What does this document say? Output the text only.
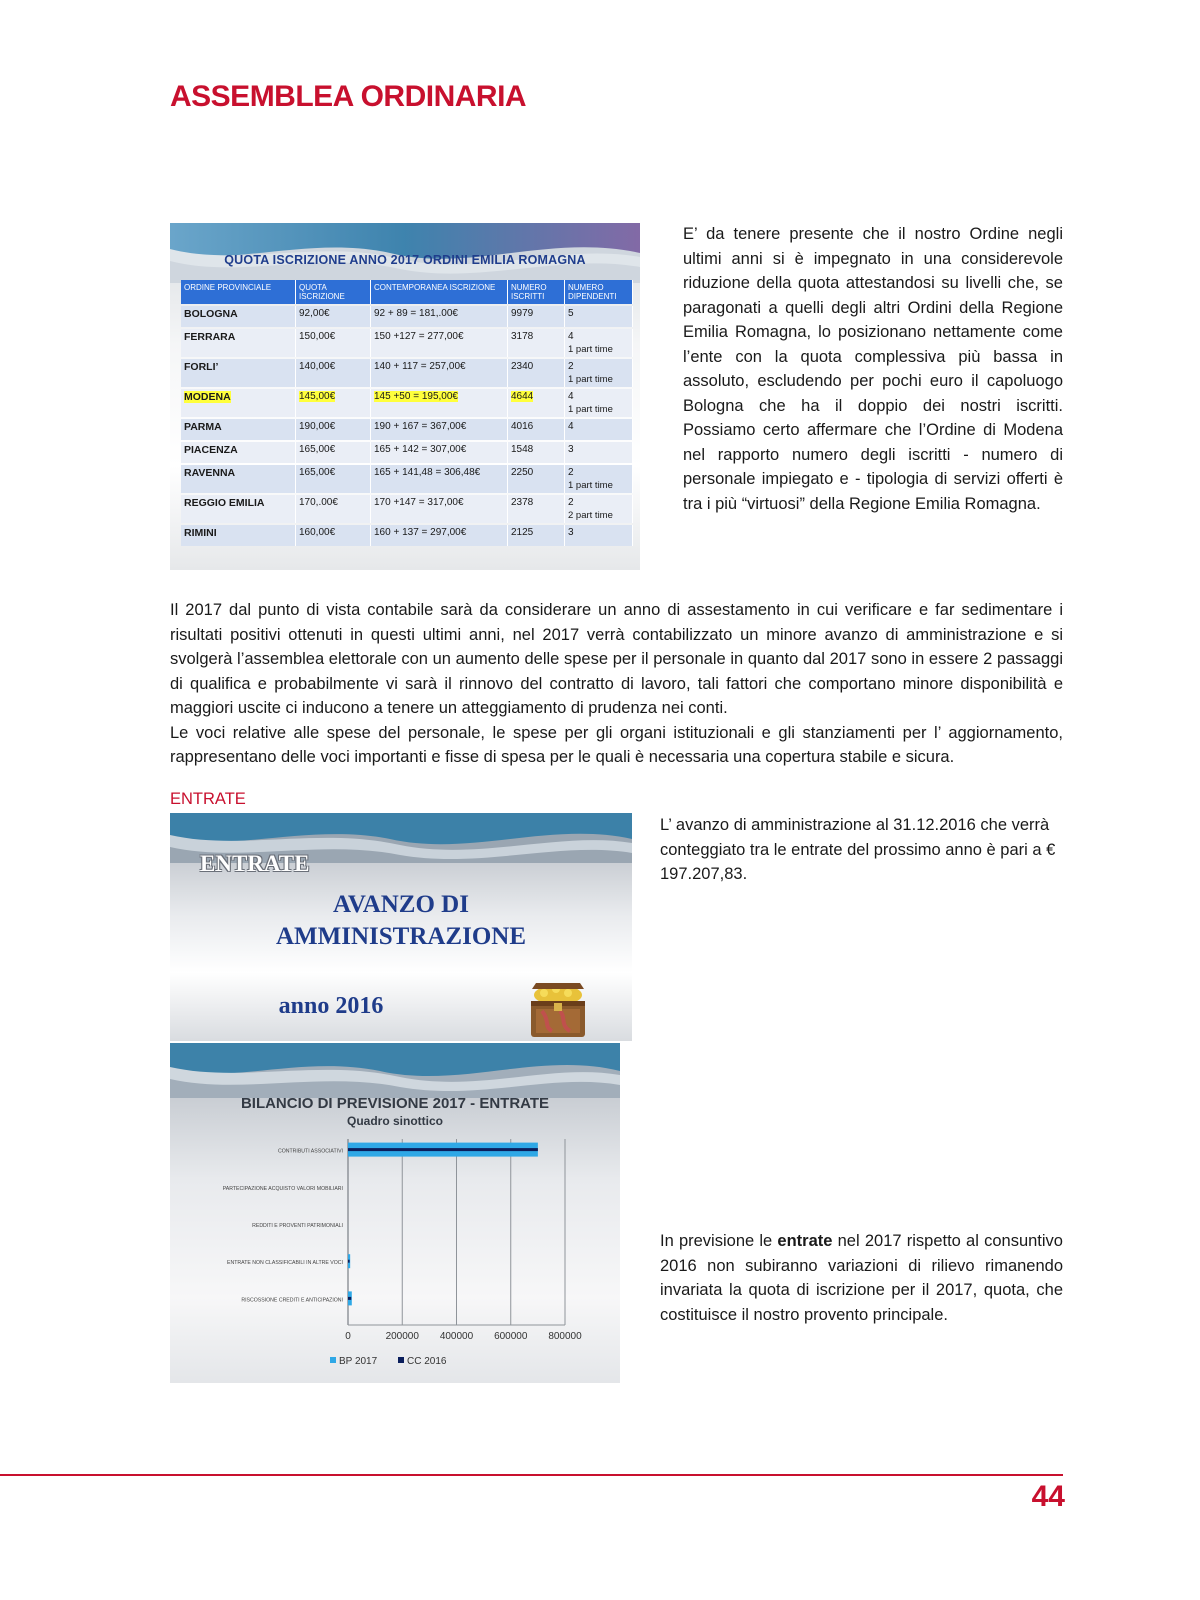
ASSEMBLEA ORDINARIA
QUOTA ISCRIZIONE ANNO 2017 ORDINI EMILIA ROMAGNA
ORDINE PROVINCIALE	QUOTA ISCRIZIONE	CONTEMPORANEA ISCRIZIONE	NUMERO ISCRITTI	NUMERO DIPENDENTI
BOLOGNA	92,00€	92 + 89 = 181,.00€	9979	5
FERRARA	150,00€	150 +127 = 277,00€	3178	4
1 part time

FORLI’	140,00€	140 + 117 = 257,00€	2340	2
1 part time

MODENA	145,00€	145 +50 = 195,00€	4644	4
1 part time

PARMA	190,00€	190 + 167 = 367,00€	4016	4
PIACENZA	165,00€	165 + 142 = 307,00€	1548	3
RAVENNA	165,00€	165 + 141,48 = 306,48€	2250	2
1 part time

REGGIO EMILIA	170,.00€	170 +147 = 317,00€	2378	2
2 part time

RIMINI	160,00€	160 + 137 = 297,00€	2125	3
E’ da tenere presente che il nostro Ordine negli ultimi anni si è impegnato in una considerevole riduzione della quota attestandosi su livelli che, se paragonati a quelli degli altri Ordini della Regione Emilia Romagna, lo posizionano nettamente come l’ente con la quota complessiva più bassa in assoluto, escludendo per pochi euro il capoluogo Bologna che ha il doppio dei nostri iscritti. Possiamo certo affermare che l’Ordine di Modena nel rapporto numero degli iscritti - numero di personale impiegato e - tipologia di servizi offerti è tra i più “virtuosi” della Regione Emilia Romagna.

Il 2017 dal punto di vista contabile sarà da considerare un anno di assestamento in cui verificare e far sedimentare i risultati positivi ottenuti in questi ultimi anni, nel 2017 verrà contabilizzato un minore avanzo di amministrazione e si svolgerà l’assemblea elettorale con un aumento delle spese per il personale in quanto dal 2017 sono in essere 2 passaggi di qualifica e probabilmente vi sarà il rinnovo del contratto di lavoro, tali fattori che comportano minore disponibilità e maggiori uscite ci inducono a tenere un atteggiamento di prudenza nei conti.

Le voci relative alle spese del personale, le spese per gli organi istituzionali e gli stanziamenti per l’ aggiornamento, rappresentano delle voci importanti e fisse di spesa per le quali è necessaria una copertura stabile e sicura.

ENTRATE
ENTRATE
AVANZO DI
AMMINISTRAZIONE
anno 2016
BILANCIO DI PREVISIONE 2017 - ENTRATE
Quadro sinottico
0	200000 400000 600000 800000
CONTRIBUTI ASSOCIATIVI
PARTECIPAZIONE ACQUISTO VALORI MOBILIARI
REDDITI E PROVENTI PATRIMONIALI
ENTRATE NON CLASSIFICABILI IN ALTRE VOCI
RISCOSSIONE CREDITI E ANTICIPAZIONI
BP 2017	CC 2016
L’ avanzo di amministrazione al 31.12.2016 che verrà conteggiato tra le entrate del prossimo anno è pari a € 197.207,83.
In previsione le entrate nel 2017 rispetto al consuntivo 2016 non subiranno variazioni di rilievo rimanendo invariata la quota di iscrizione per il 2017, quota, che costituisce il nostro provento principale.
44
